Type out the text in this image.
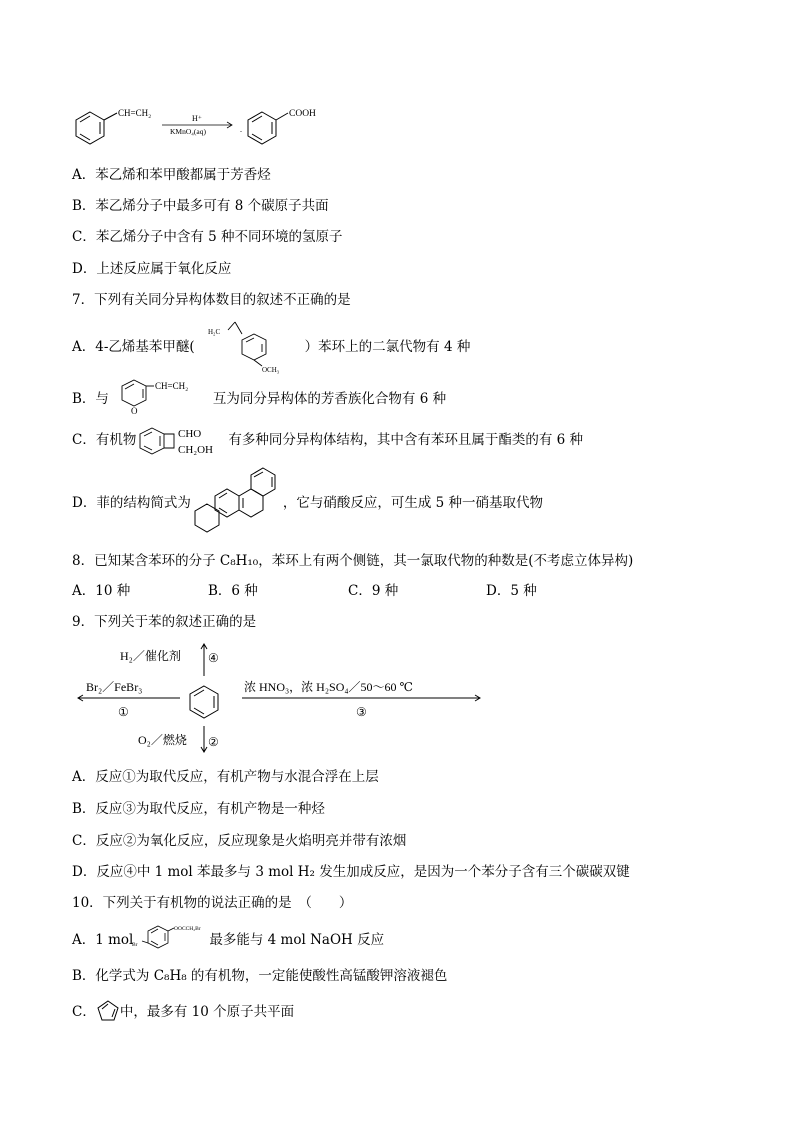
CH=CH₂
H⁺
KMnO₄(aq)	.
COOH
A．苯乙烯和苯甲酸都属于芳香烃
B．苯乙烯分子中最多可有 8 个碳原子共面
C．苯乙烯分子中含有 5 种不同环境的氢原子
D．上述反应属于氧化反应
7．下列有关同分异构体数目的叙述不正确的是
A．4-乙烯基苯甲醚(	）苯环上的二氯代物有 4 种
H₂C
OCH₃
B．与	互为同分异构体的芳香族化合物有 6 种
CH=CH₂
O
C．有机物	有多种同分异构体结构，其中含有苯环且属于酯类的有 6 种
CHO
CH₂OH
D．菲的结构简式为	，它与硝酸反应，可生成 5 种一硝基取代物
8．已知某含苯环的分子 C₈H₁₀，苯环上有两个侧链，其一氯取代物的种数是(不考虑立体异构)
A．10 种	B．6 种	C．9 种	D．5 种
9．下列关于苯的叙述正确的是
H₂／催化剂 ④
Br₂／FeBr₃
①
浓 HNO₃，浓 H₂SO₄／50～60 ℃
③
O₂／燃烧 ②
A．反应①为取代反应，有机产物与水混合浮在上层
B．反应③为取代反应，有机产物是一种烃
C．反应②为氧化反应，反应现象是火焰明亮并带有浓烟
D．反应④中 1 mol 苯最多与 3 mol H₂ 发生加成反应，是因为一个苯分子含有三个碳碳双键
10．下列关于有机物的说法正确的是　（　　）
A．1 mol	最多能与 4 mol NaOH 反应
Br
OOCCH₂Br
B．化学式为 C₈H₈ 的有机物，一定能使酸性高锰酸钾溶液褪色
C． 中，最多有 10 个原子共平面
